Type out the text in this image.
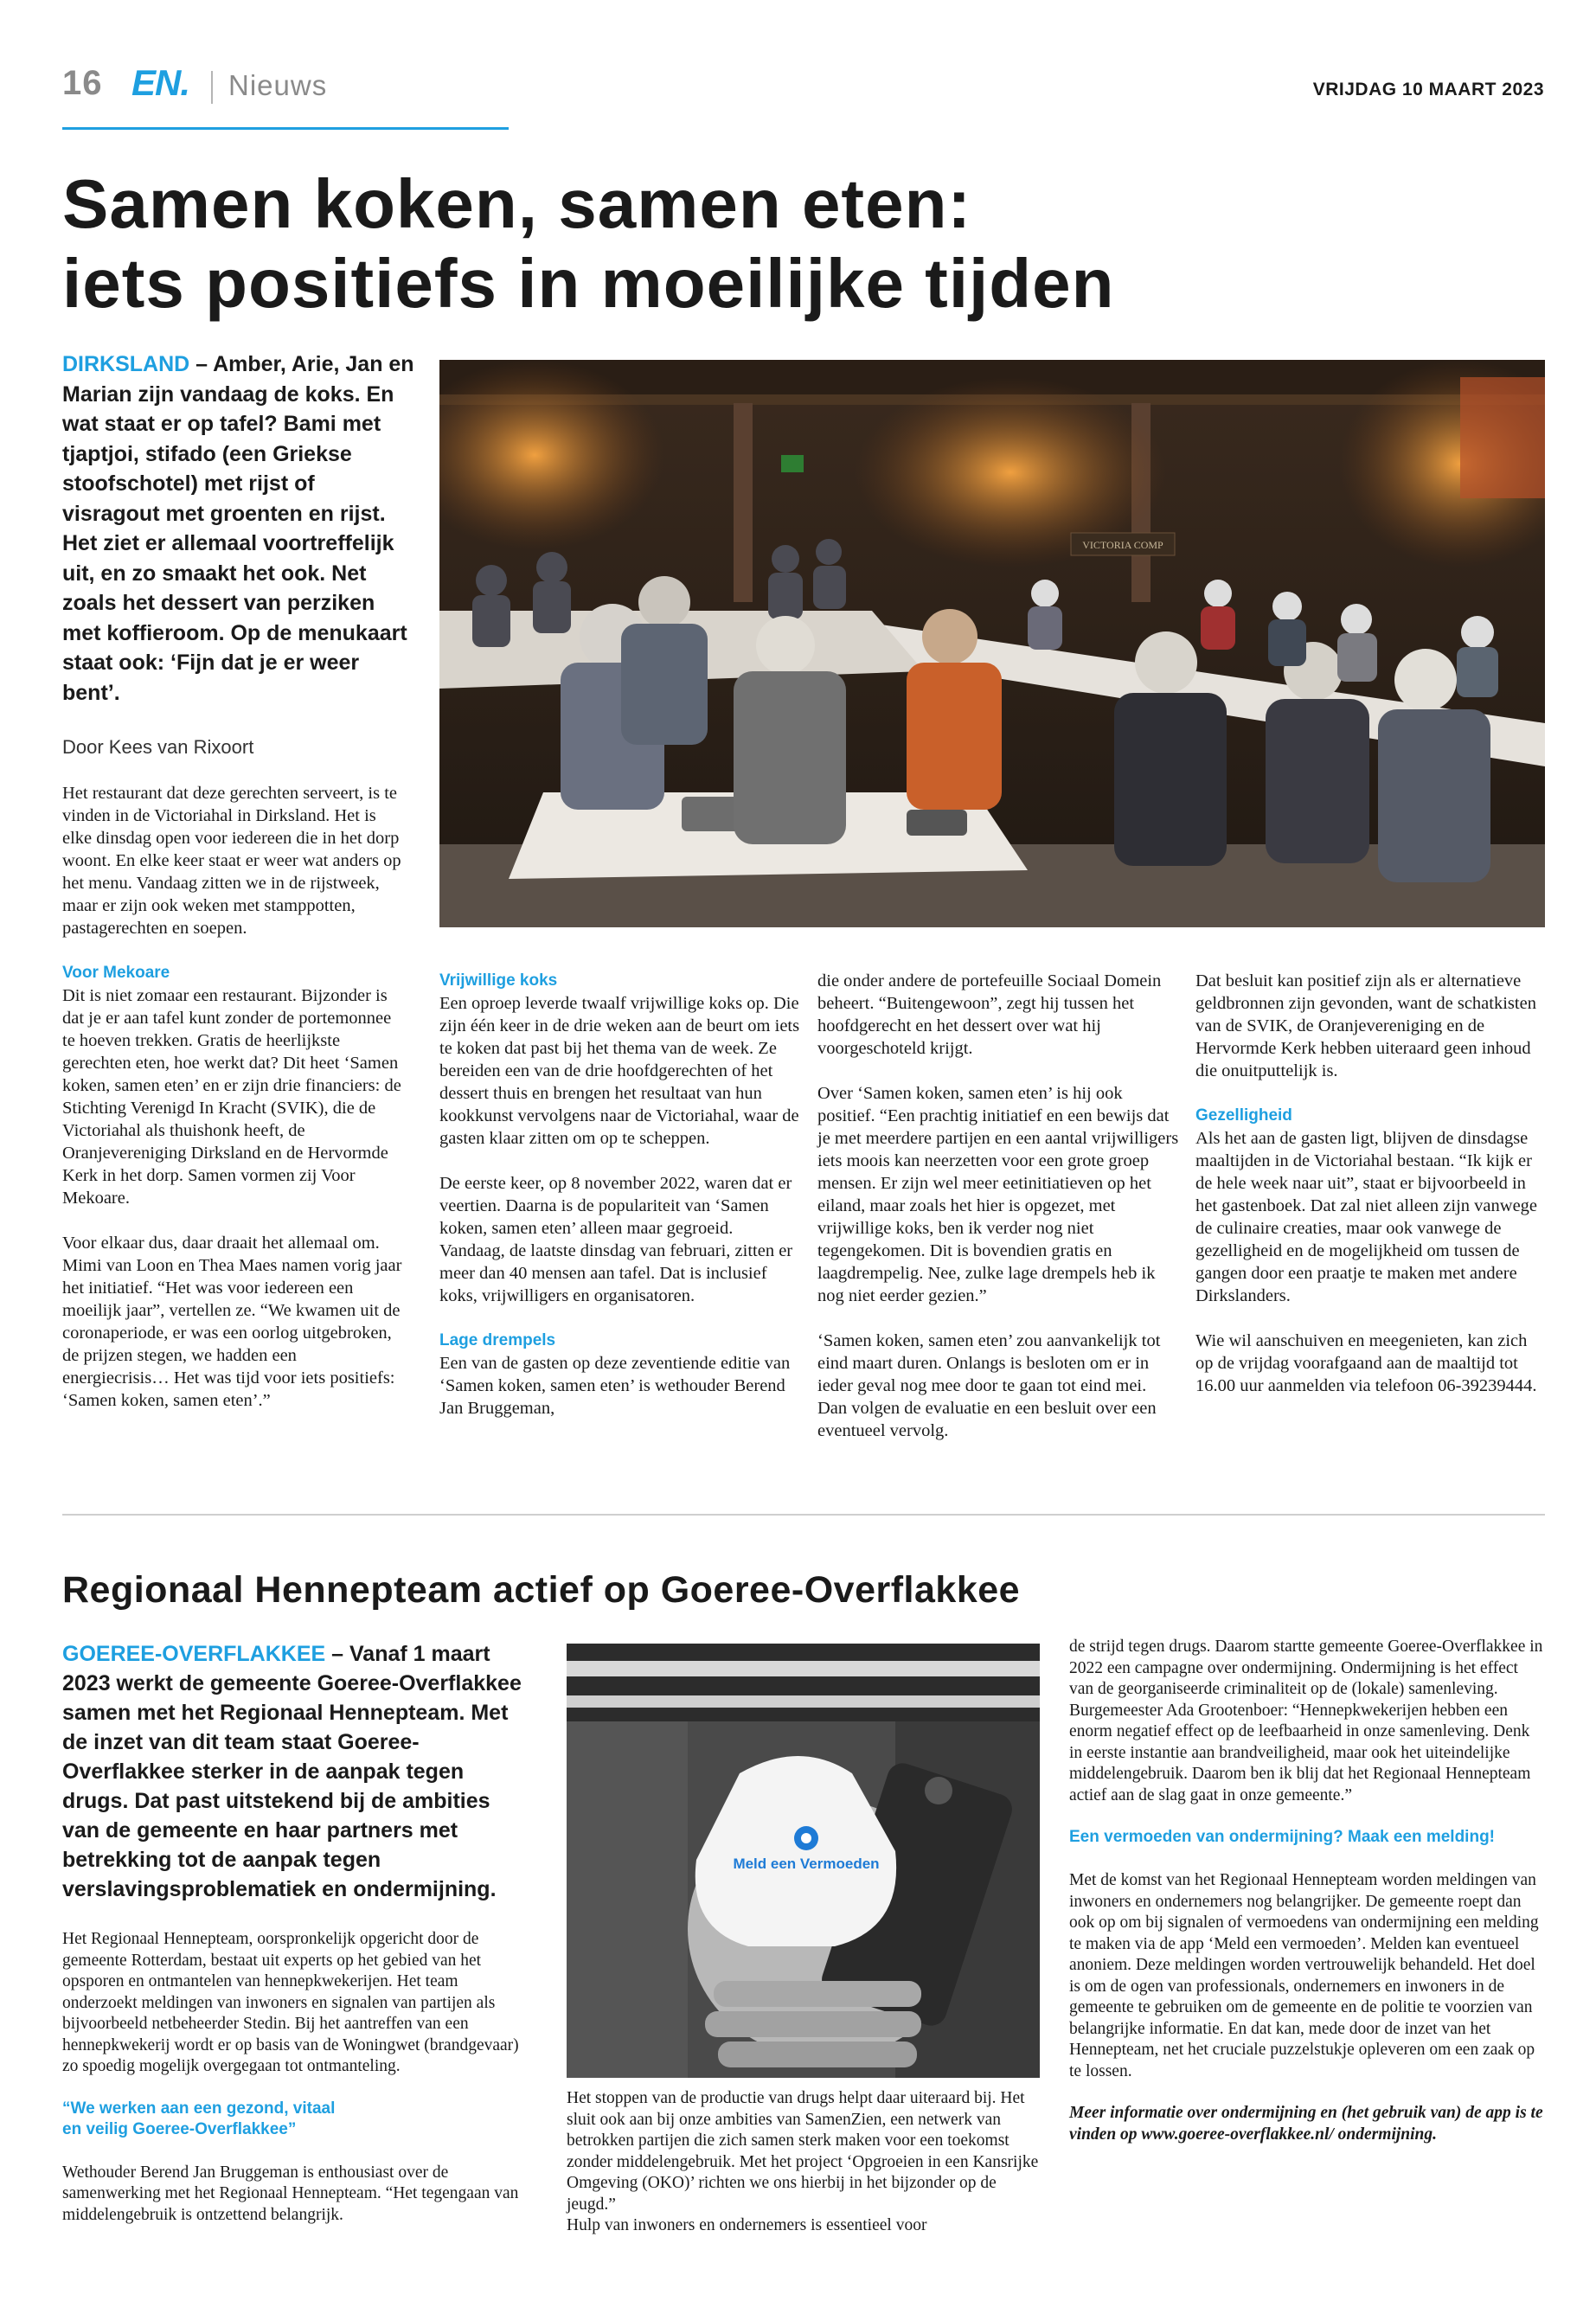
16 EN. Nieuws	VRIJDAG 10 MAART 2023
Samen koken, samen eten:
iets positiefs in moeilijke tijden
DIRKSLAND – Amber, Arie, Jan en Marian zijn vandaag de koks. En wat staat er op tafel? Bami met tjaptjoi, stifado (een Griekse stoofschotel) met rijst of visragout met groenten en rijst. Het ziet er allemaal voortreffelijk uit, en zo smaakt het ook. Net zoals het dessert van perziken met koffieroom. Op de menukaart staat ook: ‘Fijn dat je er weer bent’.
Door Kees van Rixoort

Het restaurant dat deze gerechten serveert, is te vinden in de Victoriahal in Dirksland. Het is elke dinsdag open voor iedereen die in het dorp woont. En elke keer staat er weer wat anders op het menu. Vandaag zitten we in de rijstweek, maar er zijn ook weken met stamppotten, pastagerechten en soepen.

Voor Mekoare

Dit is niet zomaar een restaurant. Bijzonder is dat je er aan tafel kunt zonder de portemonnee te hoeven trekken. Gratis de heerlijkste gerechten eten, hoe werkt dat? Dit heet ‘Samen koken, samen eten’ en er zijn drie financiers: de Stichting Verenigd In Kracht (SVIK), die de Victoriahal als thuishonk heeft, de Oranjevereniging Dirksland en de Hervormde Kerk in het dorp. Samen vormen zij Voor Mekoare.

Voor elkaar dus, daar draait het allemaal om. Mimi van Loon en Thea Maes namen vorig jaar het initiatief. “Het was voor iedereen een moeilijk jaar”, vertellen ze. “We kwamen uit de coronaperiode, er was een oorlog uitgebroken, de prijzen stegen, we hadden een energiecrisis… Het was tijd voor iets positiefs: ‘Samen koken, samen eten’.”

VICTORIA COMP

Vrijwillige koks

Een oproep leverde twaalf vrijwillige koks op. Die zijn één keer in de drie weken aan de beurt om iets te koken dat past bij het thema van de week. Ze bereiden een van de drie hoofdgerechten of het dessert thuis en brengen het resultaat van hun kookkunst vervolgens naar de Victoriahal, waar de gasten klaar zitten om op te scheppen.

De eerste keer, op 8 november 2022, waren dat er veertien. Daarna is de populariteit van ‘Samen koken, samen eten’ alleen maar gegroeid. Vandaag, de laatste dinsdag van februari, zitten er meer dan 40 mensen aan tafel. Dat is inclusief koks, vrijwilligers en organisatoren.

Lage drempels

Een van de gasten op deze zeventiende editie van ‘Samen koken, samen eten’ is wethouder Berend Jan Bruggeman,

die onder andere de portefeuille Sociaal Domein beheert. “Buitengewoon”, zegt hij tussen het hoofdgerecht en het dessert over wat hij voorgeschoteld krijgt.

Over ‘Samen koken, samen eten’ is hij ook positief. “Een prachtig initiatief en een bewijs dat je met meerdere partijen en een aantal vrijwilligers iets moois kan neerzetten voor een grote groep mensen. Er zijn wel meer eetinitiatieven op het eiland, maar zoals het hier is opgezet, met vrijwillige koks, ben ik verder nog niet tegengekomen. Dit is bovendien gratis en laagdrempelig. Nee, zulke lage drempels heb ik nog niet eerder gezien.”

‘Samen koken, samen eten’ zou aanvankelijk tot eind maart duren. Onlangs is besloten om er in ieder geval nog mee door te gaan tot eind mei. Dan volgen de evaluatie en een besluit over een eventueel vervolg.

Dat besluit kan positief zijn als er alternatieve geldbronnen zijn gevonden, want de schatkisten van de SVIK, de Oranjevereniging en de Hervormde Kerk hebben uiteraard geen inhoud die onuitputtelijk is.

Gezelligheid

Als het aan de gasten ligt, blijven de dinsdagse maaltijden in de Victoriahal bestaan. “Ik kijk er de hele week naar uit”, staat er bijvoorbeeld in het gastenboek. Dat zal niet alleen zijn vanwege de culinaire creaties, maar ook vanwege de gezelligheid en de mogelijkheid om tussen de gangen door een praatje te maken met andere Dirkslanders.

Wie wil aanschuiven en meegenieten, kan zich op de vrijdag voorafgaand aan de maaltijd tot 16.00 uur aanmelden via telefoon 06-39239444.

Regionaal Hennepteam actief op Goeree-Overflakkee
GOEREE-OVERFLAKKEE – Vanaf 1 maart 2023 werkt de gemeente Goeree-Overflakkee samen met het Regionaal Hennepteam. Met de inzet van dit team staat Goeree-Overflakkee sterker in de aanpak tegen drugs. Dat past uitstekend bij de ambities van de gemeente en haar partners met betrekking tot de aanpak tegen verslavingsproblematiek en ondermijning.

Het Regionaal Hennepteam, oorspronkelijk opgericht door de gemeente Rotterdam, bestaat uit experts op het gebied van het opsporen en ontmantelen van hennepkwekerijen. Het team onderzoekt meldingen van inwoners en signalen van partijen als bijvoorbeeld netbeheerder Stedin. Bij het aantreffen van een hennepkwekerij wordt er op basis van de Woningwet (brandgevaar) zo spoedig mogelijk overgegaan tot ontmanteling.

“We werken aan een gezond, vitaal en veilig Goeree-Overflakkee”

Wethouder Berend Jan Bruggeman is enthousiast over de samenwerking met het Regionaal Hennepteam. “Het tegengaan van middelengebruik is ontzettend belangrijk.

Meld een Vermoeden

Het stoppen van de productie van drugs helpt daar uiteraard bij. Het sluit ook aan bij onze ambities van SamenZien, een netwerk van betrokken partijen die zich samen sterk maken voor een toekomst zonder middelengebruik. Met het project ‘Opgroeien in een Kansrijke Omgeving (OKO)’ richten we ons hierbij in het bijzonder op de jeugd.”

Hulp van inwoners en ondernemers is essentieel voor

de strijd tegen drugs. Daarom startte gemeente Goeree-Overflakkee in 2022 een campagne over ondermijning. Ondermijning is het effect van de georganiseerde criminaliteit op de (lokale) samenleving. Burgemeester Ada Grootenboer: “Hennepkwekerijen hebben een enorm negatief effect op de leefbaarheid in onze samenleving. Denk in eerste instantie aan brandveiligheid, maar ook het uiteindelijke middelengebruik. Daarom ben ik blij dat het Regionaal Hennepteam actief aan de slag gaat in onze gemeente.”

Een vermoeden van ondermijning? Maak een melding!

Met de komst van het Regionaal Hennepteam worden meldingen van inwoners en ondernemers nog belangrijker. De gemeente roept dan ook op om bij signalen of vermoedens van ondermijning een melding te maken via de app ‘Meld een vermoeden’. Melden kan eventueel anoniem. Deze meldingen worden vertrouwelijk behandeld. Het doel is om de ogen van professionals, ondernemers en inwoners in de gemeente te gebruiken om de gemeente en de politie te voorzien van belangrijke informatie. En dat kan, mede door de inzet van het Hennepteam, net het cruciale puzzelstukje opleveren om een zaak op te lossen.

Meer informatie over ondermijning en (het gebruik van) de app is te vinden op www.goeree-overflakkee.nl/ ondermijning.
